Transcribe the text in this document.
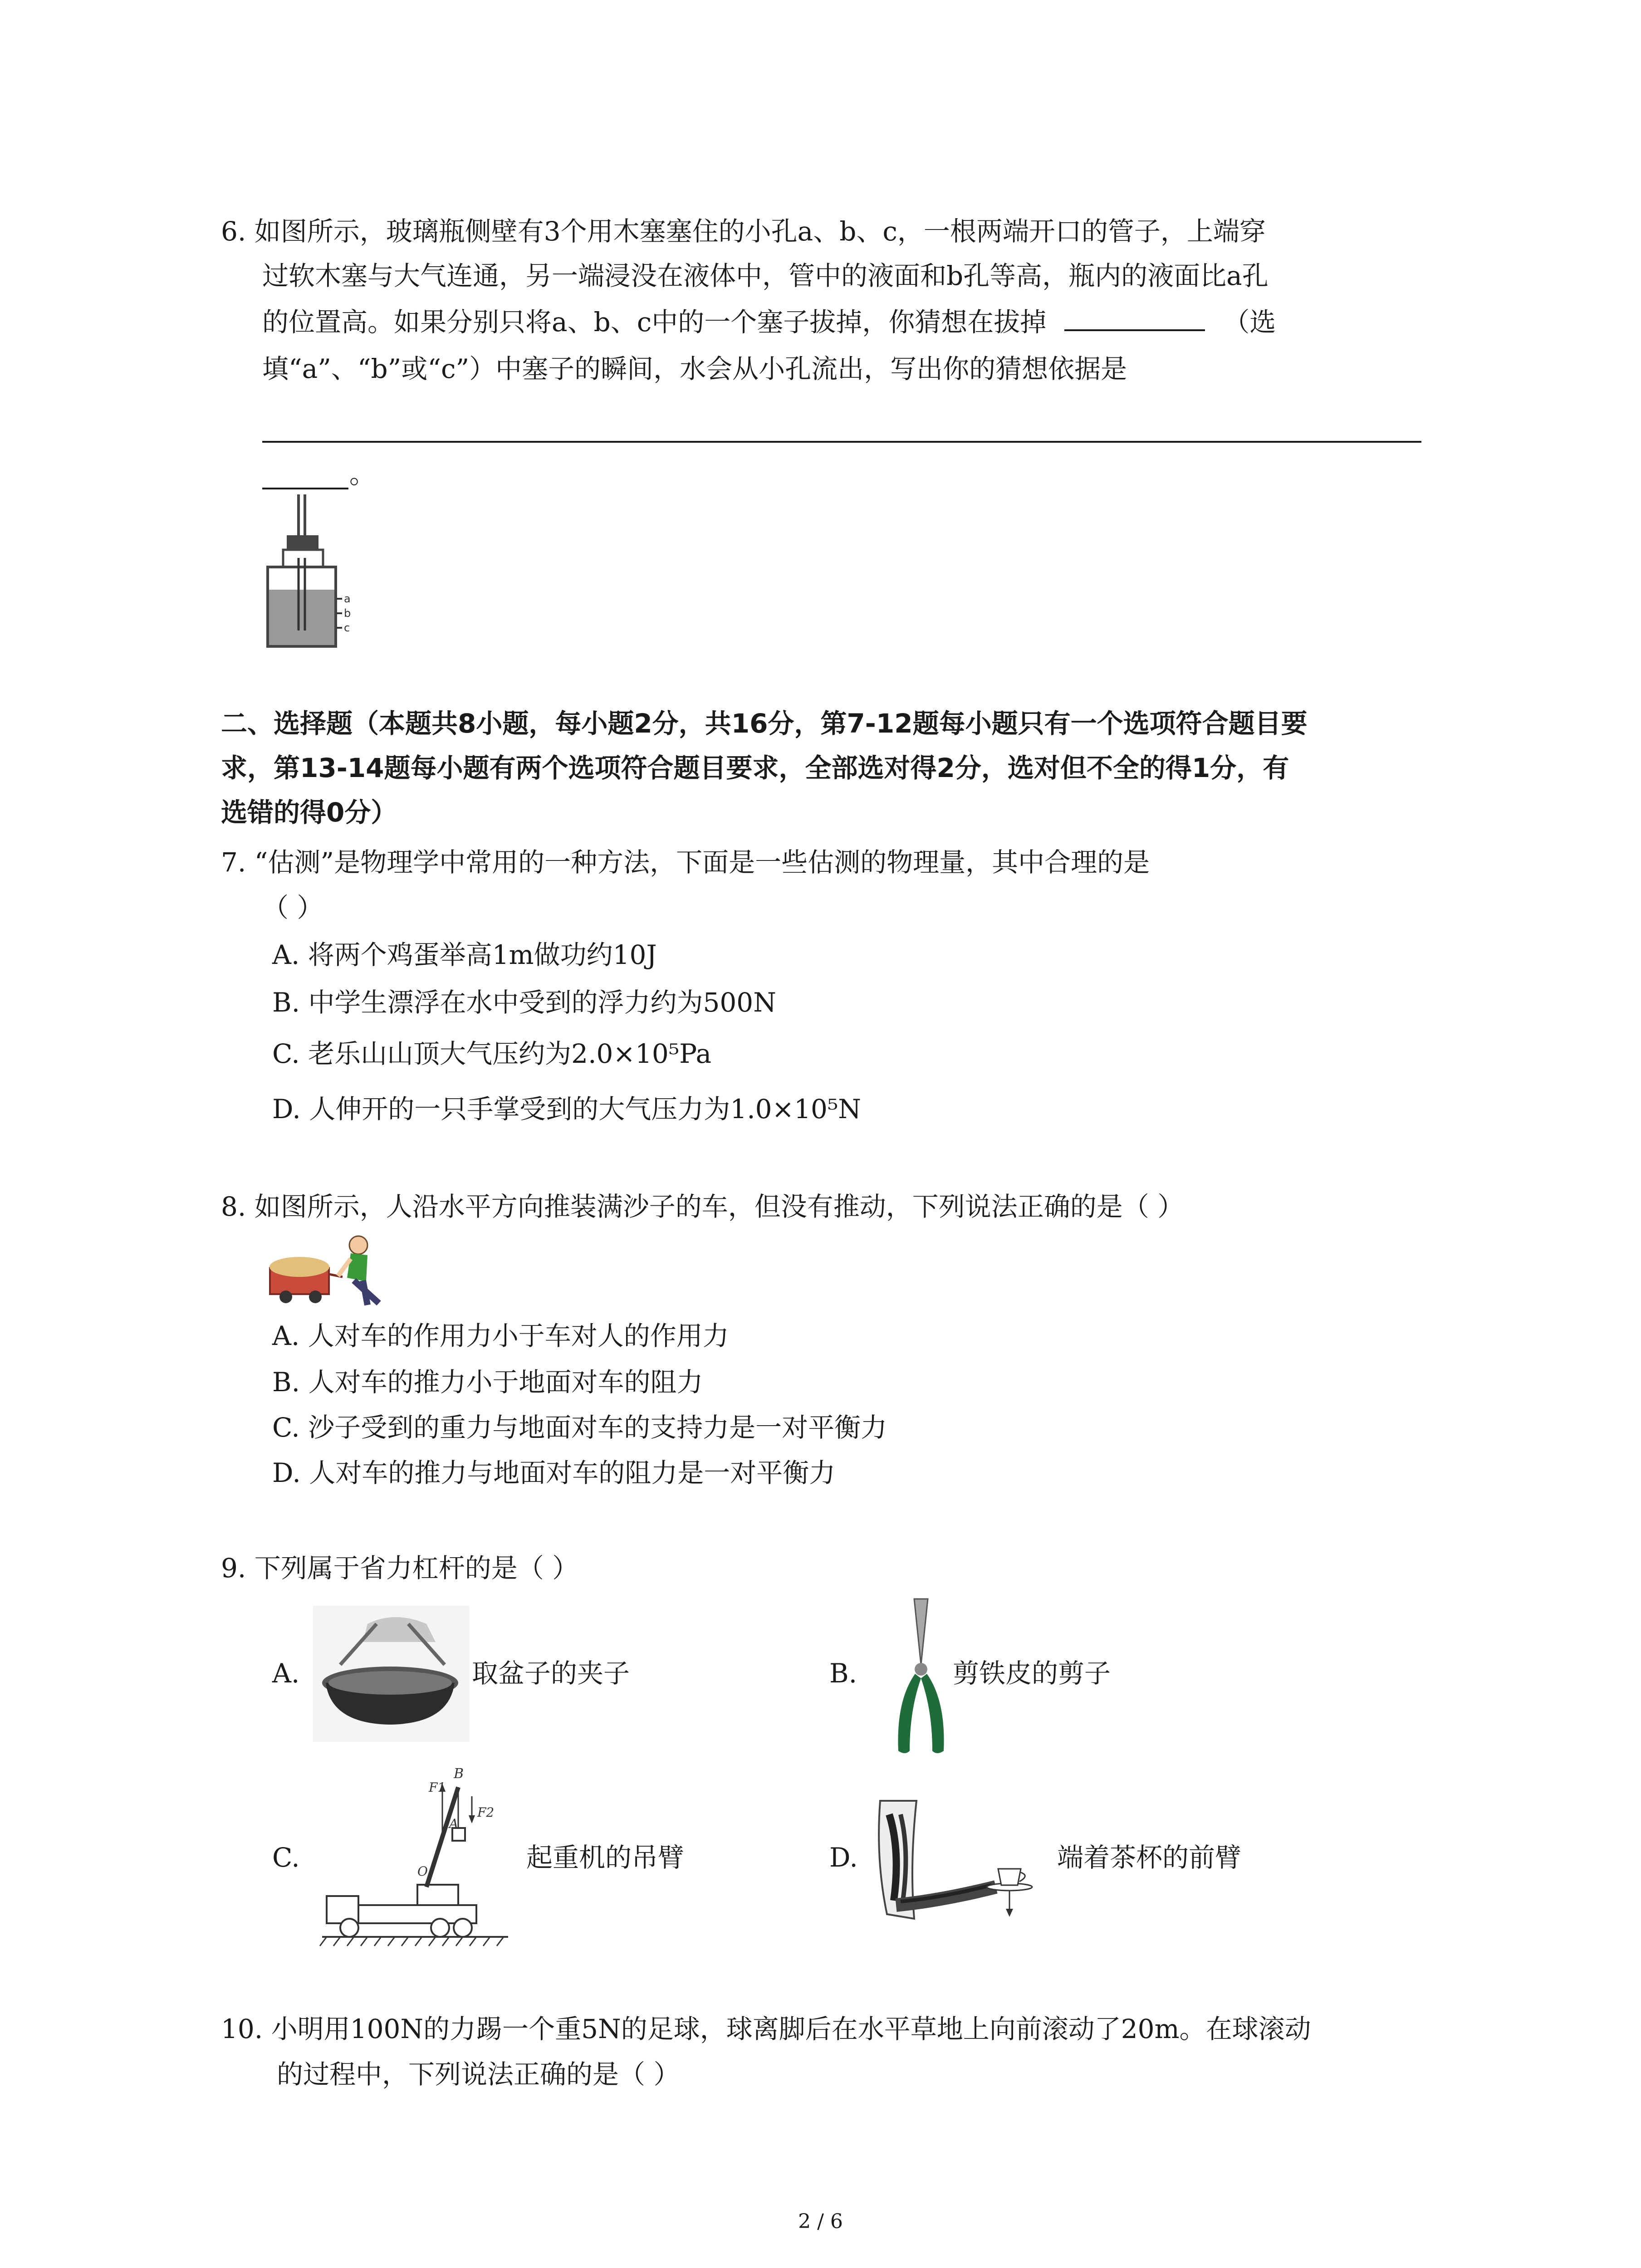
6. 如图所示，玻璃瓶侧壁有3个用木塞塞住的小孔a、b、c，一根两端开口的管子，上端穿
过软木塞与大气连通，另一端浸没在液体中，管中的液面和b孔等高，瓶内的液面比a孔
的位置高。如果分别只将a、b、c中的一个塞子拔掉，你猜想在拔掉	（选
填“a”、“b”或“c”）中塞子的瞬间，水会从小孔流出，写出你的猜想依据是
。
a
b
c
二、选择题（本题共8小题，每小题2分，共16分，第7-12题每小题只有一个选项符合题目要
求，第13-14题每小题有两个选项符合题目要求，全部选对得2分，选对但不全的得1分，有
选错的得0分）
7. “估测”是物理学中常用的一种方法，下面是一些估测的物理量，其中合理的是
（ ）
A. 将两个鸡蛋举高1m做功约10J
B. 中学生漂浮在水中受到的浮力约为500N
C. 老乐山山顶大气压约为2.0×10⁵Pa
D. 人伸开的一只手掌受到的大气压力为1.0×10⁵N
8. 如图所示，人沿水平方向推装满沙子的车，但没有推动，下列说法正确的是（ ）
A. 人对车的作用力小于车对人的作用力
B. 人对车的推力小于地面对车的阻力
C. 沙子受到的重力与地面对车的支持力是一对平衡力
D. 人对车的推力与地面对车的阻力是一对平衡力
9. 下列属于省力杠杆的是（ ）
A.	取盆子的夹子	B.	剪铁皮的剪子
C.
B
F1
F2
A
O	起重机的吊臂	D.	端着茶杯的前臂
10. 小明用100N的力踢一个重5N的足球，球离脚后在水平草地上向前滚动了20m。在球滚动
的过程中，下列说法正确的是（ ）
2 / 6
